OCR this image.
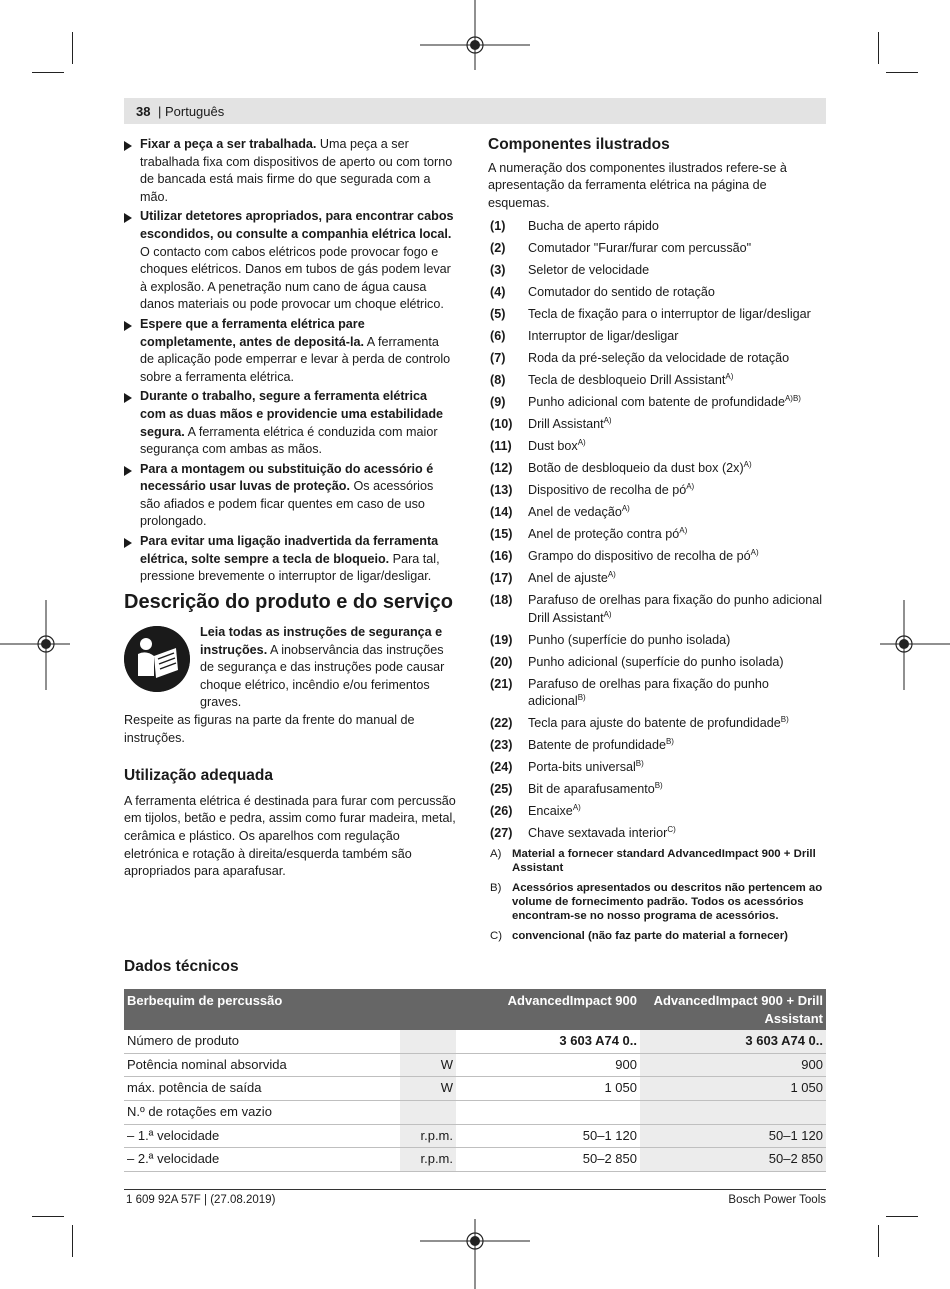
38 | Português
Fixar a peça a ser trabalhada. Uma peça a ser trabalhada fixa com dispositivos de aperto ou com torno de bancada está mais firme do que segurada com a mão.
Utilizar detetores apropriados, para encontrar cabos escondidos, ou consulte a companhia elétrica local. O contacto com cabos elétricos pode provocar fogo e choques elétricos. Danos em tubos de gás podem levar à explosão. A penetração num cano de água causa danos materiais ou pode provocar um choque elétrico.
Espere que a ferramenta elétrica pare completamente, antes de depositá-la. A ferramenta de aplicação pode emperrar e levar à perda de controlo sobre a ferramenta elétrica.
Durante o trabalho, segure a ferramenta elétrica com as duas mãos e providencie uma estabilidade segura. A ferramenta elétrica é conduzida com maior segurança com ambas as mãos.
Para a montagem ou substituição do acessório é necessário usar luvas de proteção. Os acessórios são afiados e podem ficar quentes em caso de uso prolongado.
Para evitar uma ligação inadvertida da ferramenta elétrica, solte sempre a tecla de bloqueio. Para tal, pressione brevemente o interruptor de ligar/desligar.
Descrição do produto e do serviço
Leia todas as instruções de segurança e instruções. A inobservância das instruções de segurança e das instruções pode causar choque elétrico, incêndio e/ou ferimentos graves.

Respeite as figuras na parte da frente do manual de instruções.

Utilização adequada

A ferramenta elétrica é destinada para furar com percussão em tijolos, betão e pedra, assim como furar madeira, metal, cerâmica e plástico. Os aparelhos com regulação eletrónica e rotação à direita/esquerda também são apropriados para aparafusar.

Componentes ilustrados

A numeração dos componentes ilustrados refere-se à apresentação da ferramenta elétrica na página de esquemas.

(1) Bucha de aperto rápido
(2) Comutador "Furar/furar com percussão"
(3) Seletor de velocidade
(4) Comutador do sentido de rotação
(5) Tecla de fixação para o interruptor de ligar/desligar
(6) Interruptor de ligar/desligar
(7) Roda da pré-seleção da velocidade de rotação
(8) Tecla de desbloqueio Drill Assistant$^{A)}$
(9) Punho adicional com batente de profundidade$^{A)B)}$
(10) Drill Assistant$^{A)}$
(11) Dust box$^{A)}$
(12) Botão de desbloqueio da dust box $(2x)^{A)}$
(13) Dispositivo de recolha de $pó^{A)}$
(14) Anel de vedação$^{A)}$
(15) Anel de proteção contra $pó^{A)}$
(16) Grampo do dispositivo de recolha de $pó^{A)}$
(17) Anel de ajuste$^{A)}$
(18) Parafuso de orelhas para fixação do punho adicional Drill Assistant$^{A)}$
(19) Punho (superfície do punho isolada)
(20) Punho adicional (superfície do punho isolada)
(21) Parafuso de orelhas para fixação do punho adicional$^{B)}$
(22) Tecla para ajuste do batente de profundidade$^{B)}$
(23) Batente de profundidade$^{B)}$
(24) Porta-bits universal$^{B)}$
(25) Bit de aparafusamento$^{B)}$
(26) Encaixe$^{A)}$
(27) Chave sextavada interior$^{C)}$
A) Material a fornecer standard AdvancedImpact 900 + Drill Assistant
B) Acessórios apresentados ou descritos não pertencem ao volume de fornecimento padrão. Todos os acessórios encontram-se no nosso programa de acessórios.
C) convencional (não faz parte do material a fornecer)
Dados técnicos
Berbequim de percussão		AdvancedImpact 900	AdvancedImpact 900 + Drill Assistant
Número de produto		3 603 A74 0..	3 603 A74 0..
Potência nominal absorvida	W	900	900
máx. potência de saída	W	1 050	1 050
N.º de rotações em vazio			
– 1.ª velocidade	r.p.m.	50–1 120	50–1 120
– 2.ª velocidade	r.p.m.	50–2 850	50–2 850
1 609 92A 57F | (27.08.2019)	Bosch Power Tools
